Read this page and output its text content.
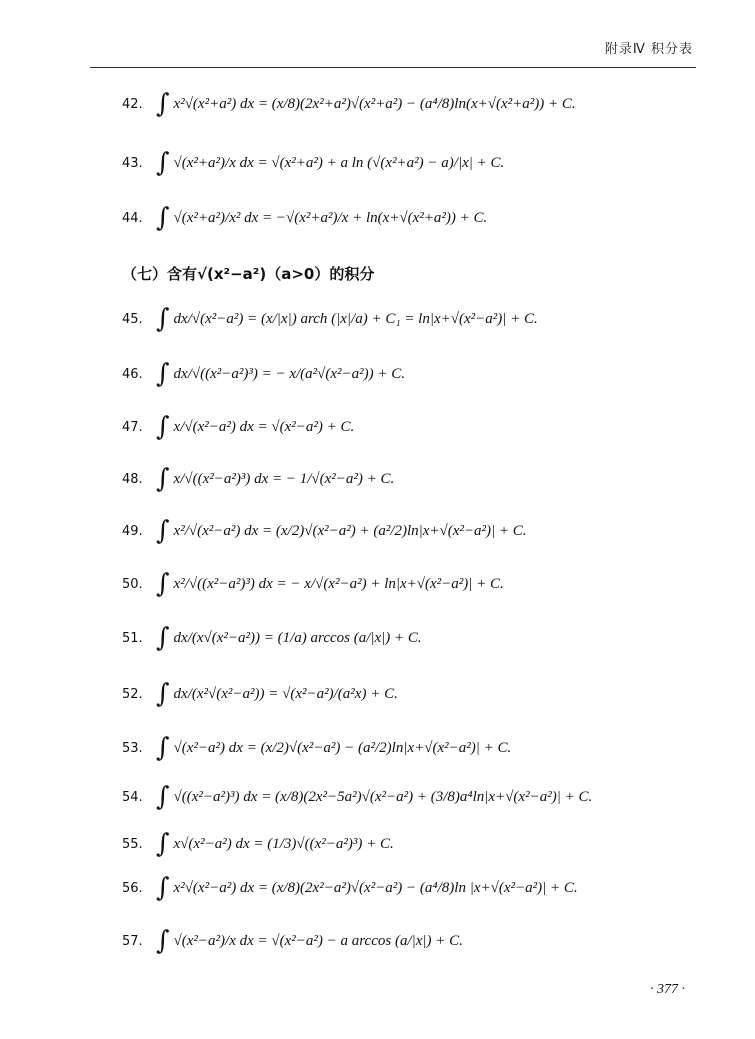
附录Ⅳ 积分表
42. ∫ x²√(x²+a²) dx = (x/8)(2x²+a²)√(x²+a²) − (a⁴/8)ln(x+√(x²+a²)) + C.
43. ∫ √(x²+a²)/x dx = √(x²+a²) + a ln (√(x²+a²) − a)/|x| + C.
44. ∫ √(x²+a²)/x² dx = −√(x²+a²)/x + ln(x+√(x²+a²)) + C.
（七）含有√(x²−a²)（a>0）的积分
45. ∫ dx/√(x²−a²) = (x/|x|) arch (|x|/a) + C₁ = ln|x+√(x²−a²)| + C.
46. ∫ dx/√((x²−a²)³) = − x/(a²√(x²−a²)) + C.
47. ∫ x/√(x²−a²) dx = √(x²−a²) + C.
48. ∫ x/√((x²−a²)³) dx = − 1/√(x²−a²) + C.
49. ∫ x²/√(x²−a²) dx = (x/2)√(x²−a²) + (a²/2)ln|x+√(x²−a²)| + C.
50. ∫ x²/√((x²−a²)³) dx = − x/√(x²−a²) + ln|x+√(x²−a²)| + C.
51. ∫ dx/(x√(x²−a²)) = (1/a) arccos (a/|x|) + C.
52. ∫ dx/(x²√(x²−a²)) = √(x²−a²)/(a²x) + C.
53. ∫ √(x²−a²) dx = (x/2)√(x²−a²) − (a²/2)ln|x+√(x²−a²)| + C.
54. ∫ √((x²−a²)³) dx = (x/8)(2x²−5a²)√(x²−a²) + (3/8)a⁴ln|x+√(x²−a²)| + C.
55. ∫ x√(x²−a²) dx = (1/3)√((x²−a²)³) + C.
56. ∫ x²√(x²−a²) dx = (x/8)(2x²−a²)√(x²−a²) − (a⁴/8)ln |x+√(x²−a²)| + C.
57. ∫ √(x²−a²)/x dx = √(x²−a²) − a arccos (a/|x|) + C.
· 377 ·
